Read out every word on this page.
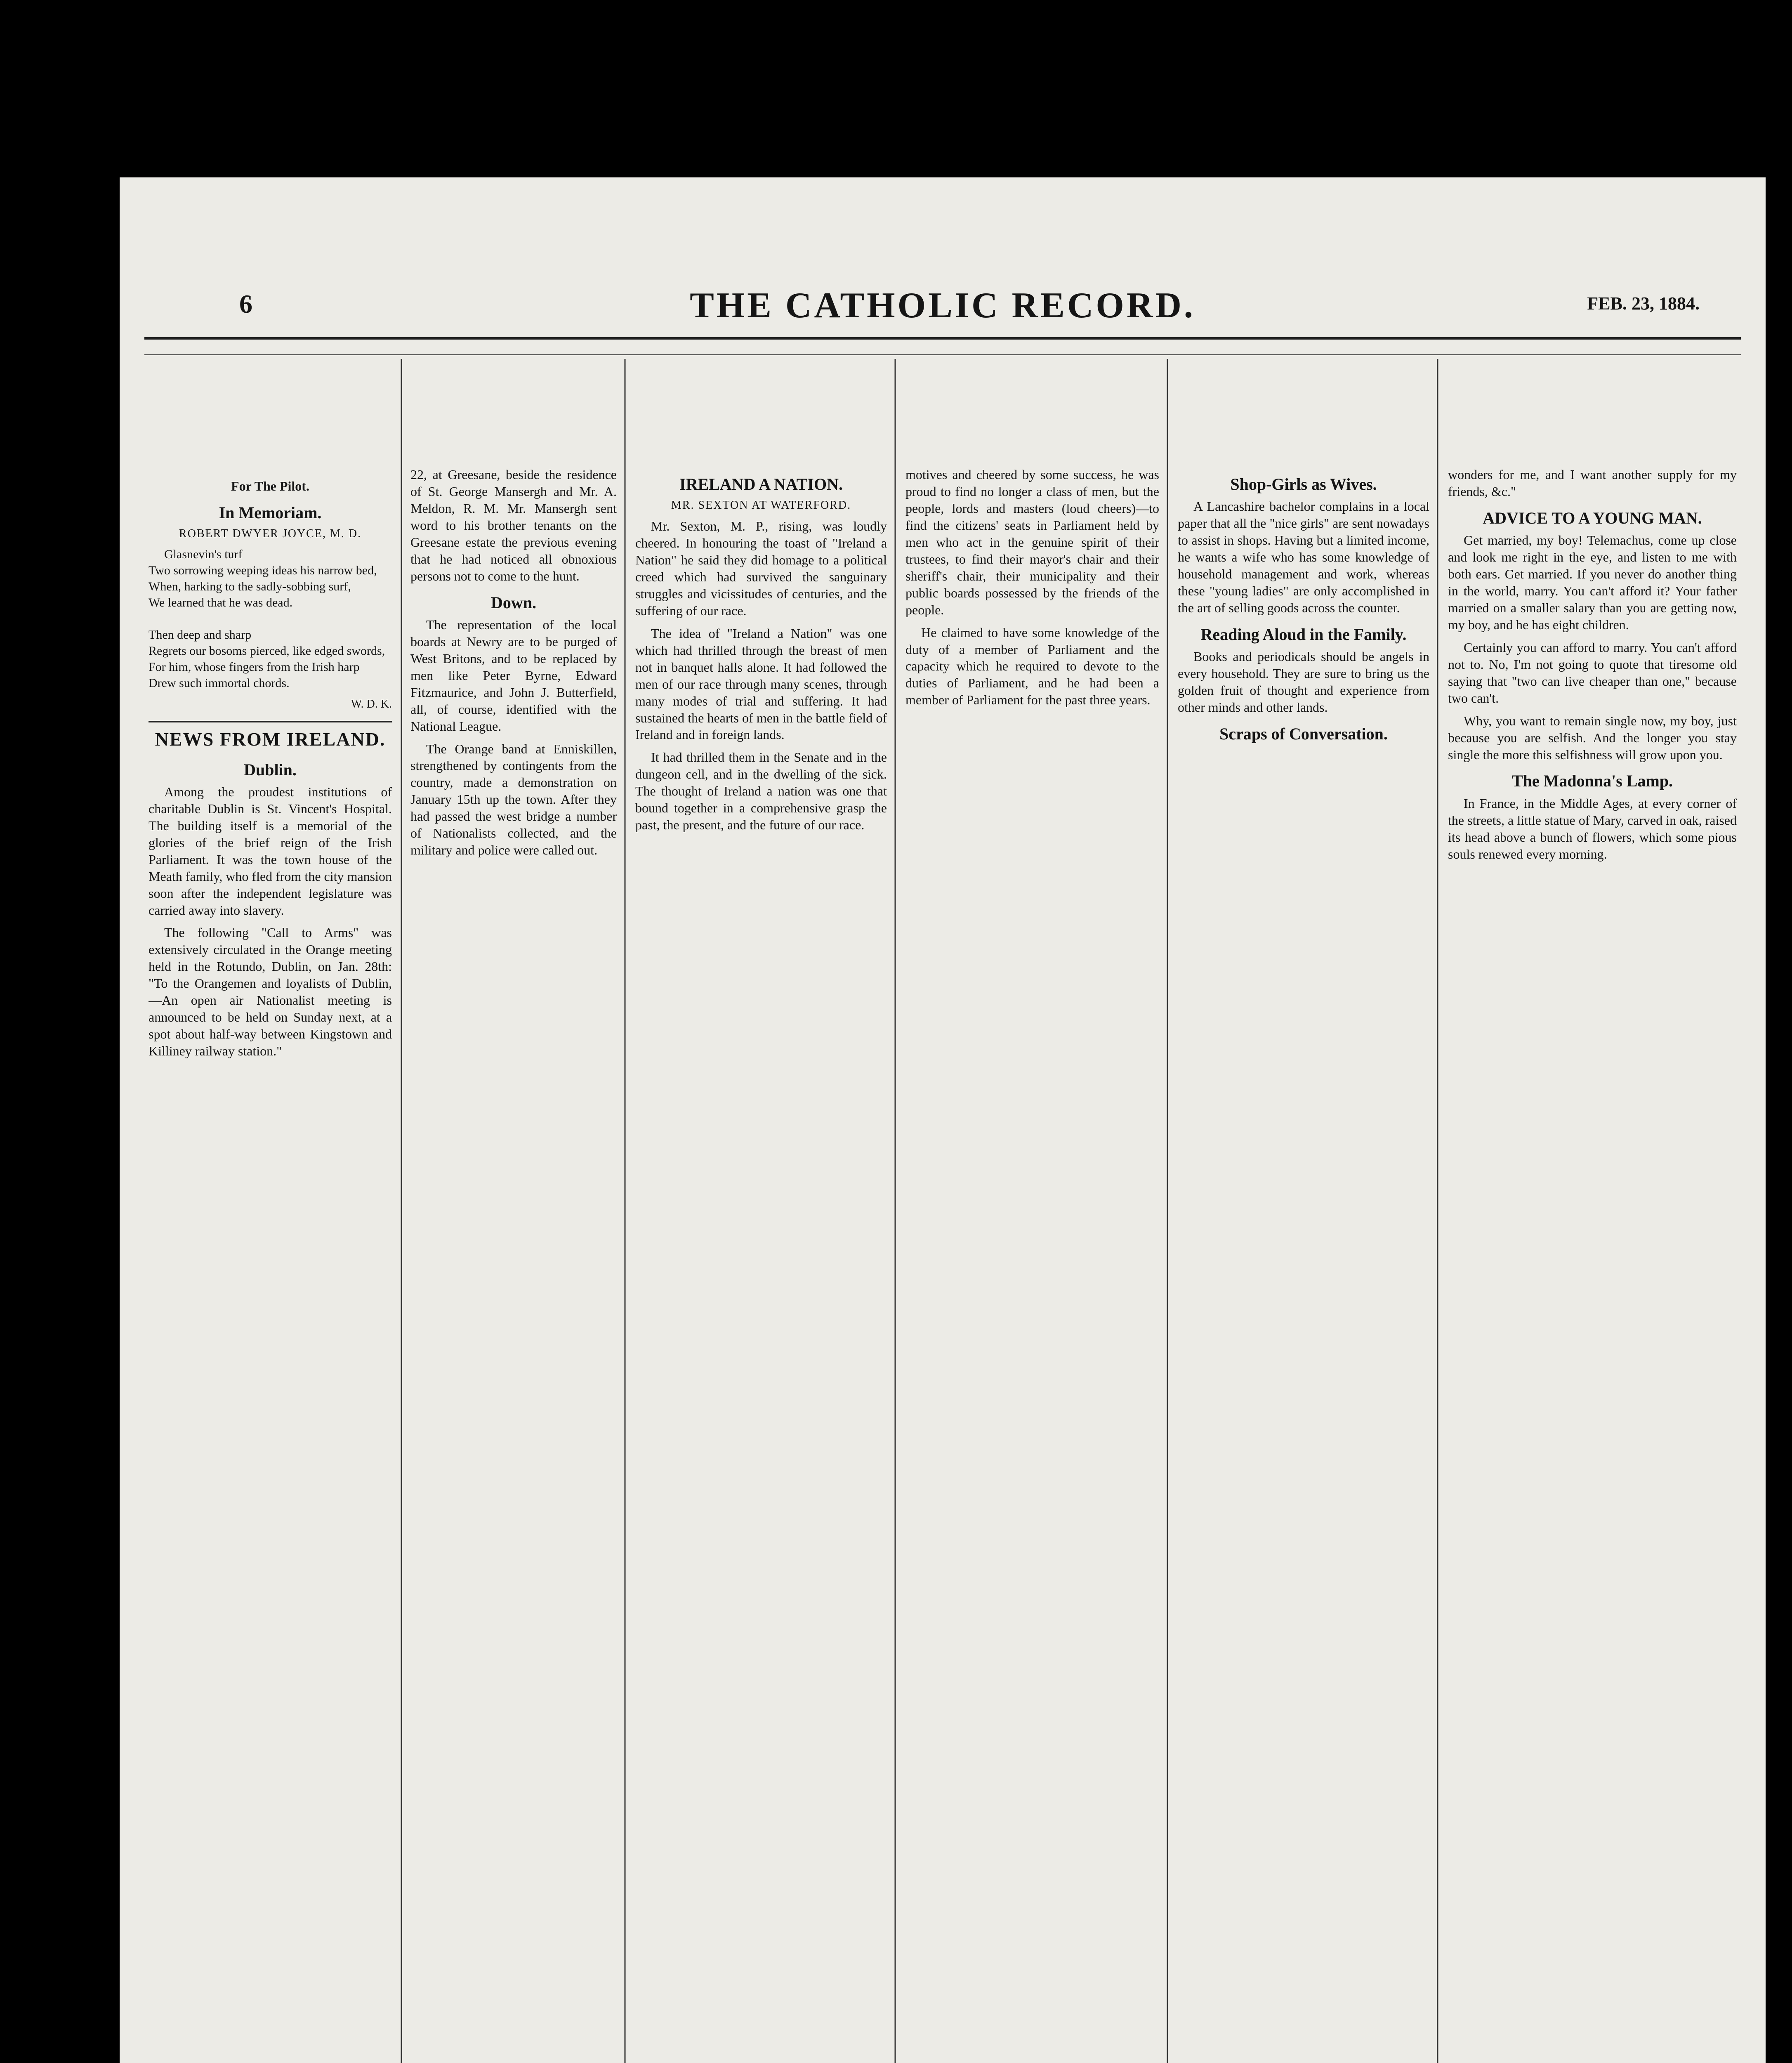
6	THE CATHOLIC RECORD.	FEB. 23, 1884.
For The Pilot.
In Memoriam.
ROBERT DWYER JOYCE, M. D.

Glasnevin's turf
Two sorrowing weeping ideas his narrow bed,
When, harking to the sadly-sobbing surf,
We learned that he was dead.

Then deep and sharp
Regrets our bosoms pierced, like edged swords,
For him, whose fingers from the Irish harp
Drew such immortal chords.

W. D. K.
NEWS FROM IRELAND.
Dublin.

Among the proudest institutions of charitable Dublin is St. Vincent's Hospital. The building itself is a memorial of the glories of the brief reign of the Irish Parliament. It was the town house of the Meath family, who fled from the city mansion soon after the independent legislature was carried away into slavery.

The following "Call to Arms" was extensively circulated in the Orange meeting held in the Rotundo, Dublin, on Jan. 28th: "To the Orangemen and loyalists of Dublin,—An open air Nationalist meeting is announced to be held on Sunday next, at a spot about half-way between Kingstown and Killiney railway station."

22, at Greesane, beside the residence of St. George Mansergh and Mr. A. Meldon, R. M. Mr. Mansergh sent word to his brother tenants on the Greesane estate the previous evening that he had noticed all obnoxious persons not to come to the hunt.

Down.

The representation of the local boards at Newry are to be purged of West Britons, and to be replaced by men like Peter Byrne, Edward Fitzmaurice, and John J. Butterfield, all, of course, identified with the National League.

The Orange band at Enniskillen, strengthened by contingents from the country, made a demonstration on January 15th up the town. After they had passed the west bridge a number of Nationalists collected, and the military and police were called out.

IRELAND A NATION.
MR. SEXTON AT WATERFORD.

Mr. Sexton, M. P., rising, was loudly cheered. In honouring the toast of "Ireland a Nation" he said they did homage to a political creed which had survived the sanguinary struggles and vicissitudes of centuries, and the suffering of our race.

The idea of "Ireland a Nation" was one which had thrilled through the breast of men not in banquet halls alone. It had followed the men of our race through many scenes, through many modes of trial and suffering. It had sustained the hearts of men in the battle field of Ireland and in foreign lands.

It had thrilled them in the Senate and in the dungeon cell, and in the dwelling of the sick. The thought of Ireland a nation was one that bound together in a comprehensive grasp the past, the present, and the future of our race.

motives and cheered by some success, he was proud to find no longer a class of men, but the people, lords and masters (loud cheers)—to find the citizens' seats in Parliament held by men who act in the genuine spirit of their trustees, to find their mayor's chair and their sheriff's chair, their municipality and their public boards possessed by the friends of the people.

He claimed to have some knowledge of the duty of a member of Parliament and the capacity which he required to devote to the duties of Parliament, and he had been a member of Parliament for the past three years.

Shop-Girls as Wives.

A Lancashire bachelor complains in a local paper that all the "nice girls" are sent nowadays to assist in shops. Having but a limited income, he wants a wife who has some knowledge of household management and work, whereas these "young ladies" are only accomplished in the art of selling goods across the counter.

Reading Aloud in the Family.

Books and periodicals should be angels in every household. They are sure to bring us the golden fruit of thought and experience from other minds and other lands.

Scraps of Conversation.

wonders for me, and I want another supply for my friends, &c."

ADVICE TO A YOUNG MAN.

Get married, my boy! Telemachus, come up close and look me right in the eye, and listen to me with both ears. Get married. If you never do another thing in the world, marry. You can't afford it? Your father married on a smaller salary than you are getting now, my boy, and he has eight children.

Certainly you can afford to marry. You can't afford not to. No, I'm not going to quote that tiresome old saying that "two can live cheaper than one," because two can't.

Why, you want to remain single now, my boy, just because you are selfish. And the longer you stay single the more this selfishness will grow upon you.

The Madonna's Lamp.

In France, in the Middle Ages, at every corner of the streets, a little statue of Mary, carved in oak, raised its head above a bunch of flowers, which some pious souls renewed every morning.
